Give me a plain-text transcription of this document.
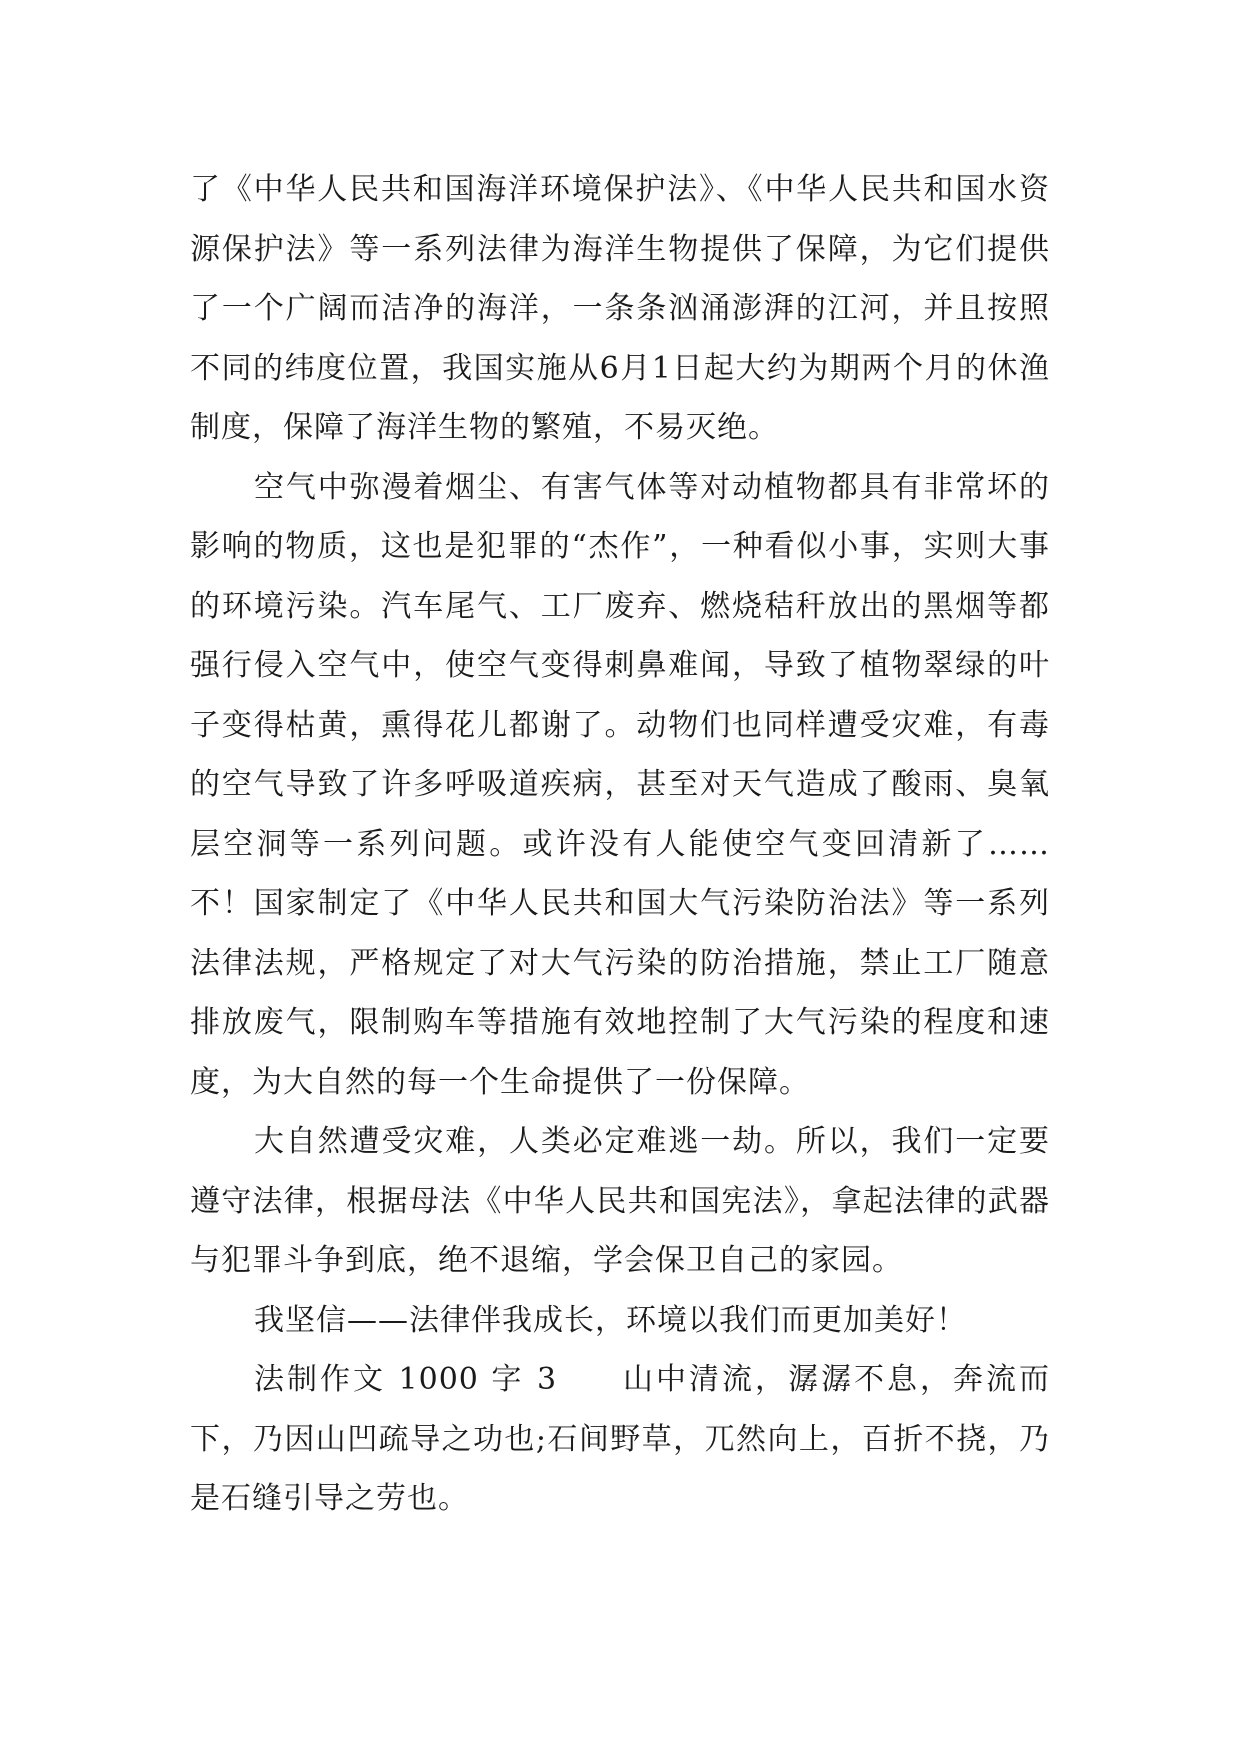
了《中华人民共和国海洋环境保护法》、《中华人民共和国水资源保护法》等一系列法律为海洋生物提供了保障，为它们提供了一个广阔而洁净的海洋，一条条汹涌澎湃的江河，并且按照不同的纬度位置，我国实施从6月1日起大约为期两个月的休渔制度，保障了海洋生物的繁殖，不易灭绝。

空气中弥漫着烟尘、有害气体等对动植物都具有非常坏的影响的物质，这也是犯罪的“杰作”，一种看似小事，实则大事的环境污染。汽车尾气、工厂废弃、燃烧秸秆放出的黑烟等都强行侵入空气中，使空气变得刺鼻难闻，导致了植物翠绿的叶子变得枯黄，熏得花儿都谢了。动物们也同样遭受灾难，有毒的空气导致了许多呼吸道疾病，甚至对天气造成了酸雨、臭氧层空洞等一系列问题。或许没有人能使空气变回清新了……不！国家制定了《中华人民共和国大气污染防治法》等一系列法律法规，严格规定了对大气污染的防治措施，禁止工厂随意排放废气，限制购车等措施有效地控制了大气污染的程度和速度，为大自然的每一个生命提供了一份保障。

大自然遭受灾难，人类必定难逃一劫。所以，我们一定要遵守法律，根据母法《中华人民共和国宪法》，拿起法律的武器与犯罪斗争到底，绝不退缩，学会保卫自己的家园。

我坚信——法律伴我成长，环境以我们而更加美好！

法制作文 1000 字 3 山中清流，潺潺不息，奔流而下，乃因山凹疏导之功也;石间野草，兀然向上，百折不挠，乃是石缝引导之劳也。
